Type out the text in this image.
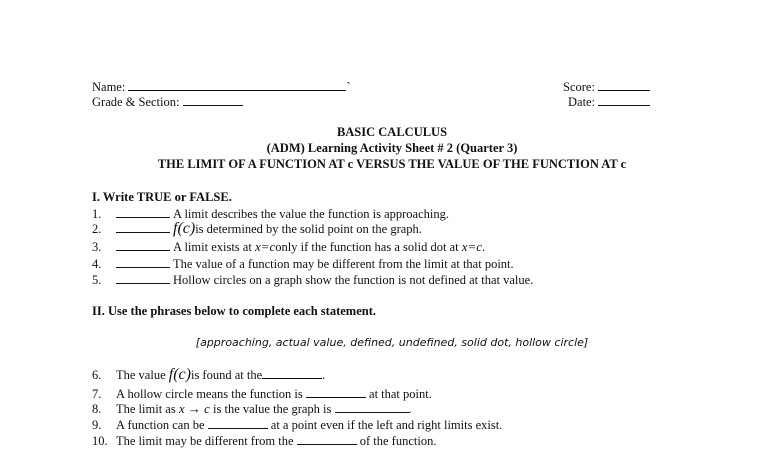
Name:	`	Score:
Grade & Section:	Date:
BASIC CALCULUS
(ADM) Learning Activity Sheet # 2 (Quarter 3)
THE LIMIT OF A FUNCTION AT c VERSUS THE VALUE OF THE FUNCTION AT c
I. Write TRUE or FALSE.
1.	A limit describes the value the function is approaching.
2.	f(c)is determined by the solid point on the graph.
3.	A limit exists at x=conly if the function has a solid dot at x=c.
4.	The value of a function may be different from the limit at that point.
5.	Hollow circles on a graph show the function is not defined at that value.
II. Use the phrases below to complete each statement.
[approaching, actual value, defined, undefined, solid dot, hollow circle]
6. The value f(c)is found at the	.
7. A hollow circle means the function is	at that point.
8. The limit as x → c is the value the graph is	.
9. A function can be	at a point even if the left and right limits exist.
10. The limit may be different from the	of the function.
